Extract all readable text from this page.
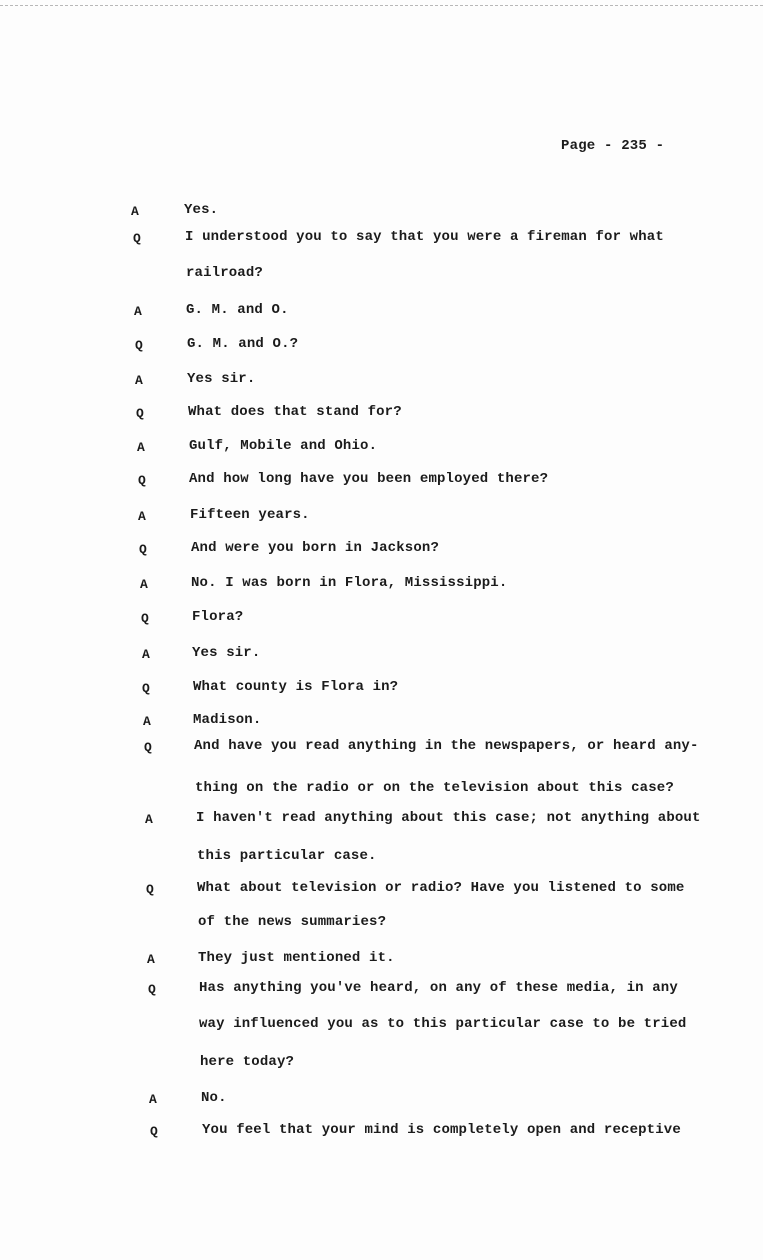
Page - 235 -
A	Yes.
Q	I understood you to say that you were a fireman for what
railroad?
A	G. M. and O.
Q	G. M. and O.?
A	Yes sir.
Q	What does that stand for?
A	Gulf, Mobile and Ohio.
Q	And how long have you been employed there?
A	Fifteen years.
Q	And were you born in Jackson?
A	No. I was born in Flora, Mississippi.
Q	Flora?
A	Yes sir.
Q	What county is Flora in?
A	Madison.
Q	And have you read anything in the newspapers, or heard any-
thing on the radio or on the television about this case?
A	I haven't read anything about this case; not anything about
this particular case.
Q	What about television or radio? Have you listened to some
of the news summaries?
A	They just mentioned it.
Q	Has anything you've heard, on any of these media, in any
way influenced you as to this particular case to be tried
here today?
A	No.
Q	You feel that your mind is completely open and receptive
